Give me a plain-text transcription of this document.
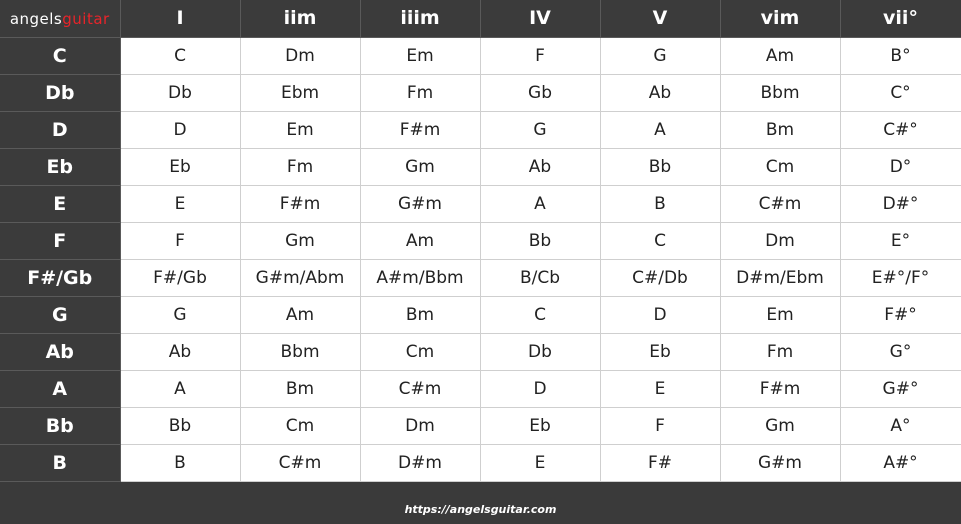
angelsguitar	I	iim	iiim	IV	V	vim	vii°
C	C	Dm	Em	F	G	Am	B°
Db	Db	Ebm	Fm	Gb	Ab	Bbm	C°
D	D	Em	F#m	G	A	Bm	C#°
Eb	Eb	Fm	Gm	Ab	Bb	Cm	D°
E	E	F#m	G#m	A	B	C#m	D#°
F	F	Gm	Am	Bb	C	Dm	E°
F#/Gb	F#/Gb	G#m/Abm	A#m/Bbm	B/Cb	C#/Db	D#m/Ebm	E#°/F°
G	G	Am	Bm	C	D	Em	F#°
Ab	Ab	Bbm	Cm	Db	Eb	Fm	G°
A	A	Bm	C#m	D	E	F#m	G#°
Bb	Bb	Cm	Dm	Eb	F	Gm	A°
B	B	C#m	D#m	E	F#	G#m	A#°
https://angelsguitar.com
